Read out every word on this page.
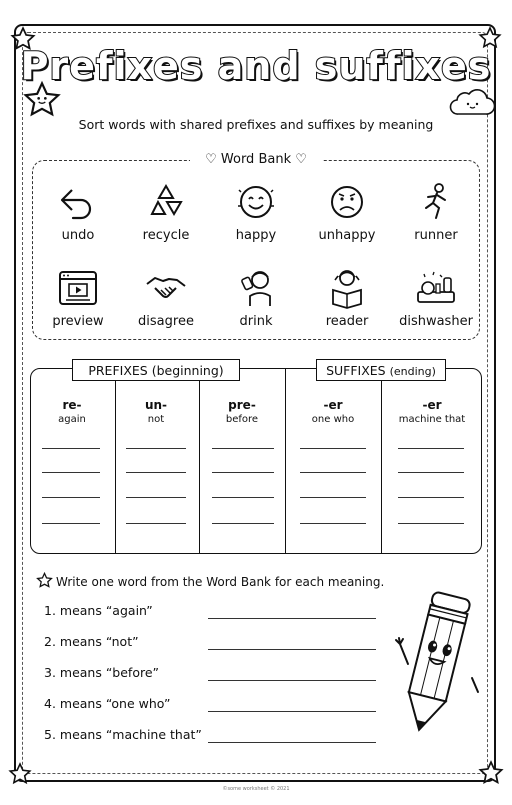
Prefixes and suffixes
Sort words with shared prefixes and suffixes by meaning
♡ Word Bank ♡
undo	recycle	happy	unhappy	runner
preview	disagree	drink	reader	dishwasher
PREFIXES (beginning)	SUFFIXES (ending)
re-
again
un-
not
pre-
before
-er
one who
-er
machine that
Write one word from the Word Bank for each meaning.
1. means “again”
2. means “not”
3. means “before”
4. means “one who”
5. means “machine that”
©some worksheet © 2021
